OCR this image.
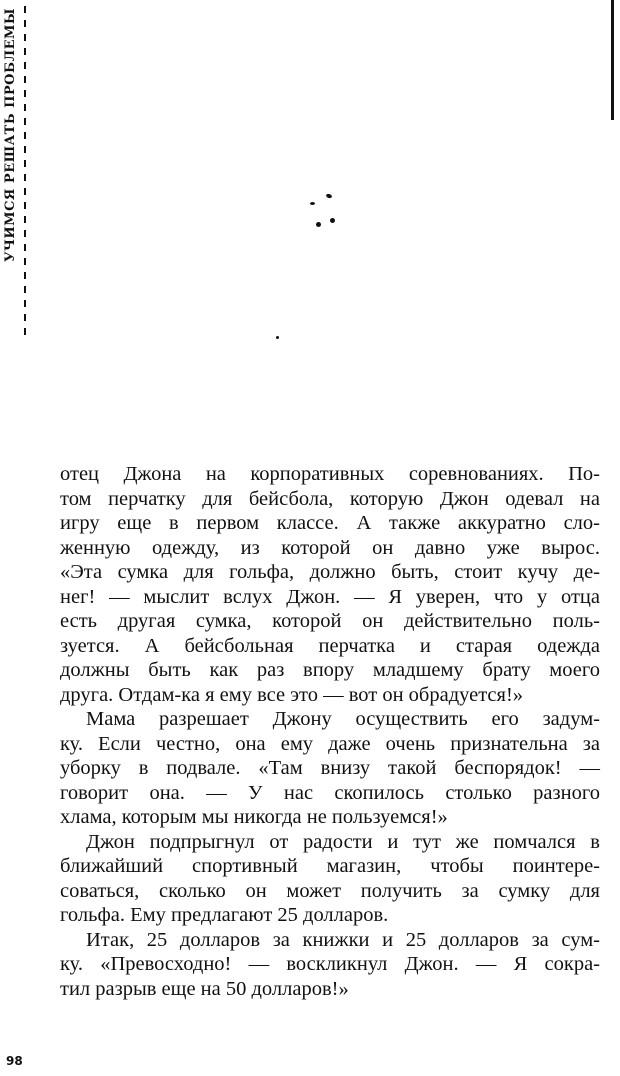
УЧИМСЯ РЕШАТЬ ПРОБЛЕМЫ
отец Джона на корпоративных соревнованиях. По-
том перчатку для бейсбола, которую Джон одевал на
игру еще в первом классе. А также аккуратно сло-
женную одежду, из которой он давно уже вырос.
«Эта сумка для гольфа, должно быть, стоит кучу де-
нег! — мыслит вслух Джон. — Я уверен, что у отца
есть другая сумка, которой он действительно поль-
зуется. А бейсбольная перчатка и старая одежда
должны быть как раз впору младшему брату моего
друга. Отдам-ка я ему все это — вот он обрадуется!»
Мама разрешает Джону осуществить его задум-
ку. Если честно, она ему даже очень признательна за
уборку в подвале. «Там внизу такой беспорядок! —
говорит она. — У нас скопилось столько разного
хлама, которым мы никогда не пользуемся!»
Джон подпрыгнул от радости и тут же помчался в
ближайший спортивный магазин, чтобы поинтере-
соваться, сколько он может получить за сумку для
гольфа. Ему предлагают 25 долларов.
Итак, 25 долларов за книжки и 25 долларов за сум-
ку. «Превосходно! — воскликнул Джон. — Я сокра-
тил разрыв еще на 50 долларов!»
98
